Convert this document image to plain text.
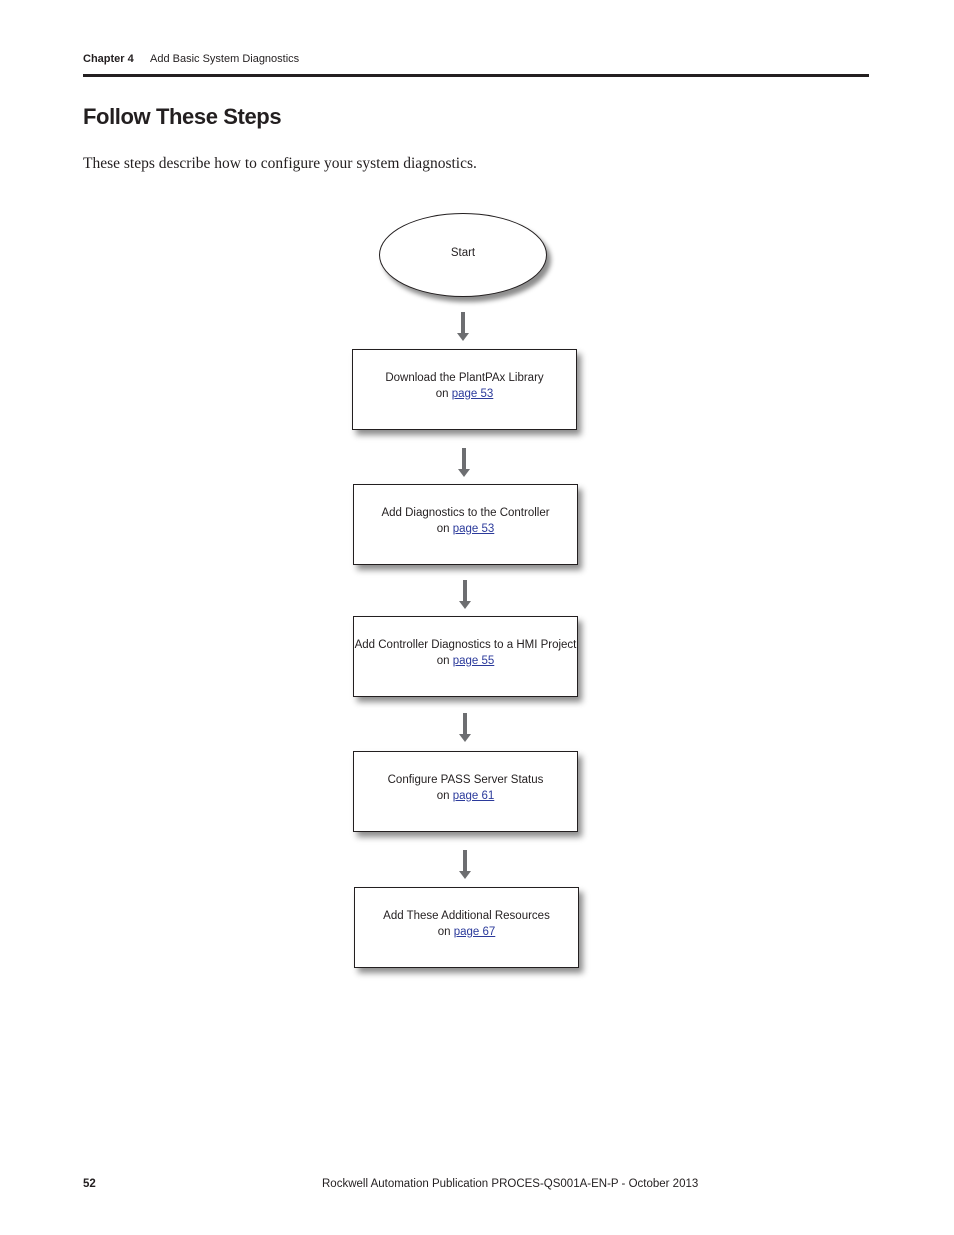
Chapter 4 Add Basic System Diagnostics
Follow These Steps

These steps describe how to configure your system diagnostics.

Start
Download the PlantPAx Library
on page 53
Add Diagnostics to the Controller
on page 53
Add Controller Diagnostics to a HMI Project
on page 55
Configure PASS Server Status
on page 61
Add These Additional Resources
on page 67
52	Rockwell Automation Publication PROCES-QS001A-EN-P - October 2013
